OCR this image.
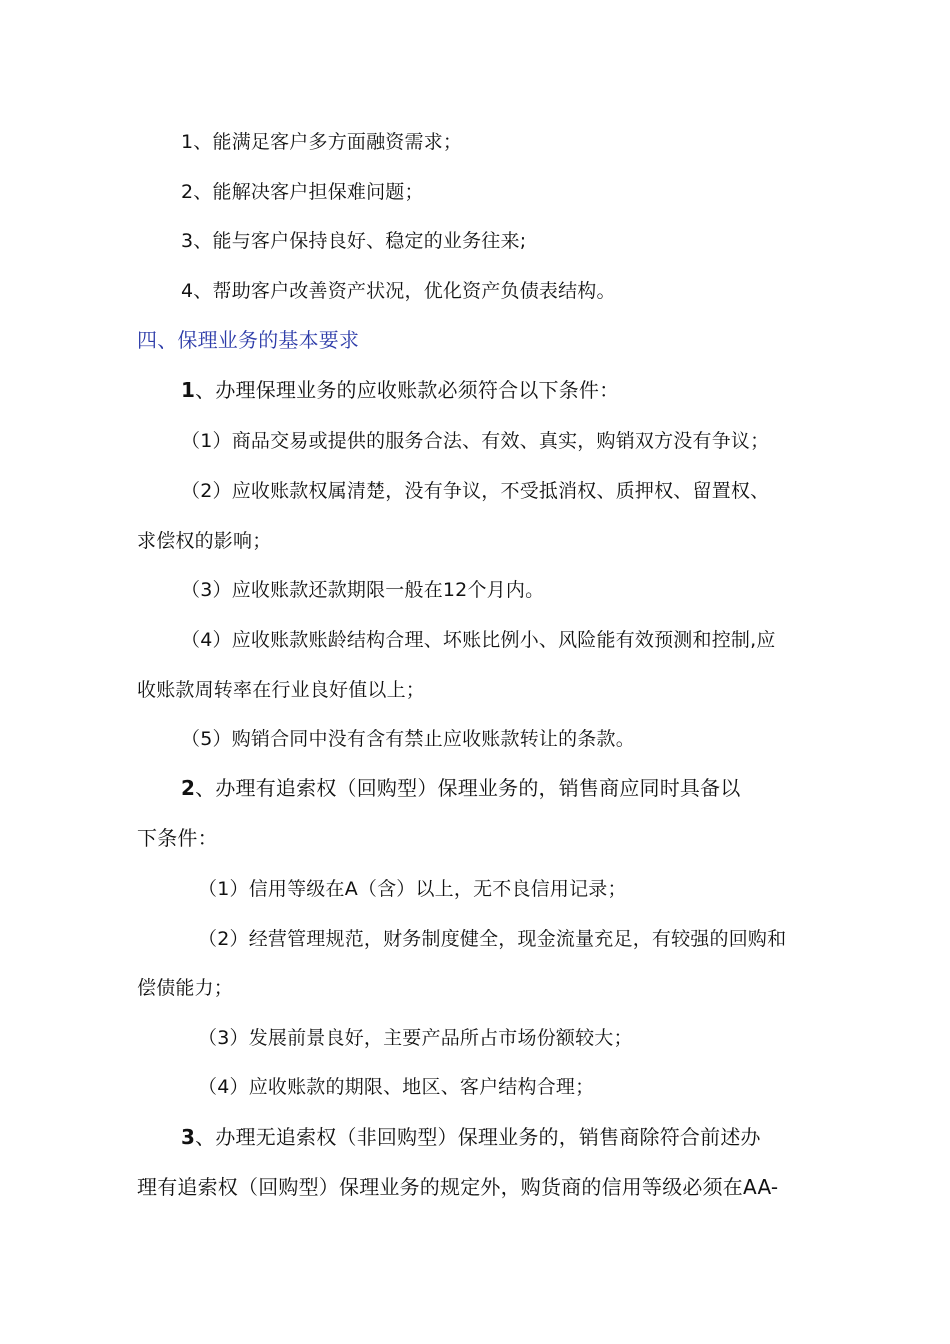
1、能满足客户多方面融资需求；
2、能解决客户担保难问题；
3、能与客户保持良好、稳定的业务往来;
4、帮助客户改善资产状况，优化资产负债表结构。
四、保理业务的基本要求
1、办理保理业务的应收账款必须符合以下条件：
（1）商品交易或提供的服务合法、有效、真实，购销双方没有争议；
（2）应收账款权属清楚，没有争议，不受抵消权、质押权、留置权、
求偿权的影响；
（3）应收账款还款期限一般在12个月内。
（4）应收账款账龄结构合理、坏账比例小、风险能有效预测和控制,应
收账款周转率在行业良好值以上；
（5）购销合同中没有含有禁止应收账款转让的条款。
2、办理有追索权（回购型）保理业务的，销售商应同时具备以
下条件：
（1）信用等级在A（含）以上，无不良信用记录；
（2）经营管理规范，财务制度健全，现金流量充足，有较强的回购和
偿债能力；
（3）发展前景良好，主要产品所占市场份额较大；
（4）应收账款的期限、地区、客户结构合理；
3、办理无追索权（非回购型）保理业务的，销售商除符合前述办
理有追索权（回购型）保理业务的规定外，购货商的信用等级必须在AA-
